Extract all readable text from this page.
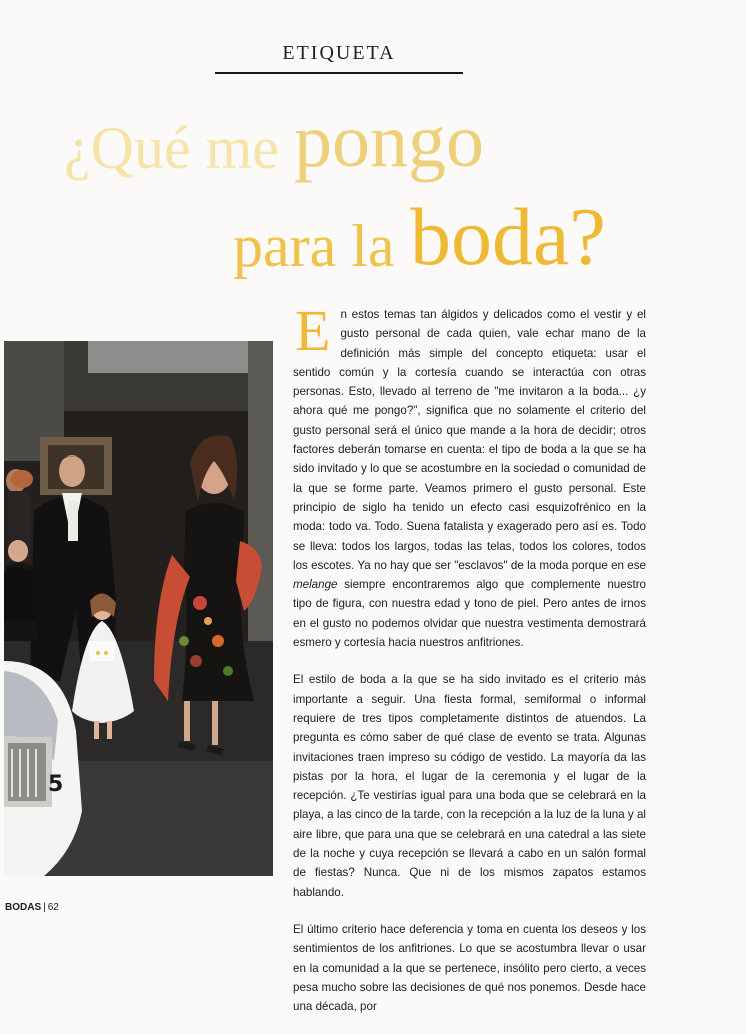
ETIQUETA
¿Qué me pongo
para la boda?
5

En estos temas tan álgidos y delicados como el vestir y el gusto personal de cada quien, vale echar mano de la definición más simple del concepto etiqueta: usar el sentido común y la cortesía cuando se interactúa con otras personas. Esto, llevado al terreno de "me invitaron a la boda... ¿y ahora qué me pongo?", significa que no solamente el criterio del gusto personal será el único que mande a la hora de decidir; otros factores deberán tomarse en cuenta: el tipo de boda a la que se ha sido invitado y lo que se acostumbre en la sociedad o comunidad de la que se forme parte. Veamos primero el gusto personal. Este principio de siglo ha tenido un efecto casi esquizofrénico en la moda: todo va. Todo. Suena fatalista y exagerado pero así es. Todo se lleva: todos los largos, todas las telas, todos los colores, todos los escotes. Ya no hay que ser "esclavos" de la moda porque en ese melange siempre encontraremos algo que complemente nuestro tipo de figura, con nuestra edad y tono de piel. Pero antes de irnos en el gusto no podemos olvidar que nuestra vestimenta demostrará esmero y cortesía hacia nuestros anfitriones.

El estilo de boda a la que se ha sido invitado es el criterio más importante a seguir. Una fiesta formal, semiformal o informal requiere de tres tipos completamente distintos de atuendos. La pregunta es cómo saber de qué clase de evento se trata. Algunas invitaciones traen impreso su código de vestido. La mayoría da las pistas por la hora, el lugar de la ceremonia y el lugar de la recepción. ¿Te vestirías igual para una boda que se celebrará en la playa, a las cinco de la tarde, con la recepción a la luz de la luna y al aire libre, que para una que se celebrará en una catedral a las siete de la noche y cuya recepción se llevará a cabo en un salón formal de fiestas? Nunca. Que ni de los mismos zapatos estamos hablando.

El último criterio hace deferencia y toma en cuenta los deseos y los sentimientos de los anfitriones. Lo que se acostumbra llevar o usar en la comunidad a la que se pertenece, insólito pero cierto, a veces pesa mucho sobre las decisiones de qué nos ponemos. Desde hace una década, por

BODAS | 62
